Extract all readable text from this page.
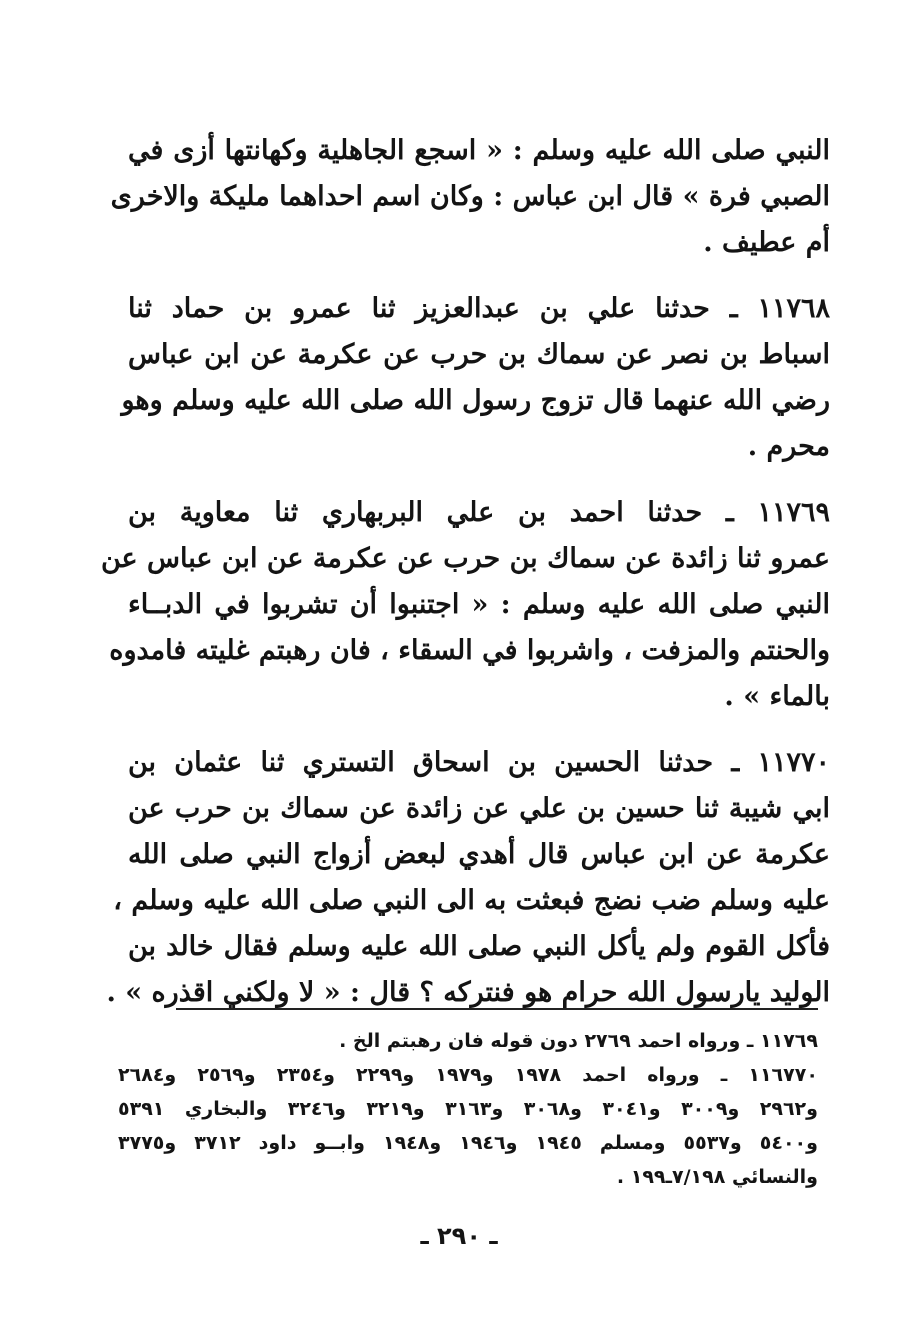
النبي صلى الله عليه وسلم : « اسجع الجاهلية وكهانتها أزى في
الصبي فرة » قال ابن عباس : وكان اسم احداهما مليكة والاخرى
أم عطيف .

١١٧٦٨ ـ حدثنا علي بن عبدالعزيز ثنا عمرو بن حماد ثنا
اسباط بن نصر عن سماك بن حرب عن عكرمة عن ابن عباس
رضي الله عنهما قال تزوج رسول الله صلى الله عليه وسلم وهو
محرم .

١١٧٦٩ ـ حدثنا احمد بن علي البربهاري ثنا معاوية بن
عمرو ثنا زائدة عن سماك بن حرب عن عكرمة عن ابن عباس عن
النبي صلى الله عليه وسلم : « اجتنبوا أن تشربوا في الدبــاء
والحنتم والمزفت ، واشربوا في السقاء ، فان رهبتم غليته فامدوه
بالماء » .

١١٧٧٠ ـ حدثنا الحسين بن اسحاق التستري ثنا عثمان بن
ابي شيبة ثنا حسين بن علي عن زائدة عن سماك بن حرب عن
عكرمة عن ابن عباس قال أهدي لبعض أزواج النبي صلى الله
عليه وسلم ضب نضج فبعثت به الى النبي صلى الله عليه وسلم ،
فأكل القوم ولم يأكل النبي صلى الله عليه وسلم فقال خالد بن
الوليد يارسول الله حرام هو فنتركه ؟ قال : « لا ولكني اقذره » .

١١٧٦٩ ـ ورواه احمد ٢٧٦٩ دون قوله فان رهبتم الخ .
١١٦٧٧٠ ـ ورواه احمد ١٩٧٨ و١٩٧٩ و٢٢٩٩ و٢٣٥٤ و٢٥٦٩ و٢٦٨٤
و٢٩٦٢ و٣٠٠٩ و٣٠٤١ و٣٠٦٨ و٣١٦٣ و٣٢١٩ و٣٢٤٦ والبخاري ٥٣٩١
و٥٤٠٠ و٥٥٣٧ ومسلم ١٩٤٥ و١٩٤٦ و١٩٤٨ وابــو داود ٣٧١٢ و٣٧٧٥
والنسائي ٧/١٩٨ـ١٩٩ .
ـ ٢٩٠ ـ
